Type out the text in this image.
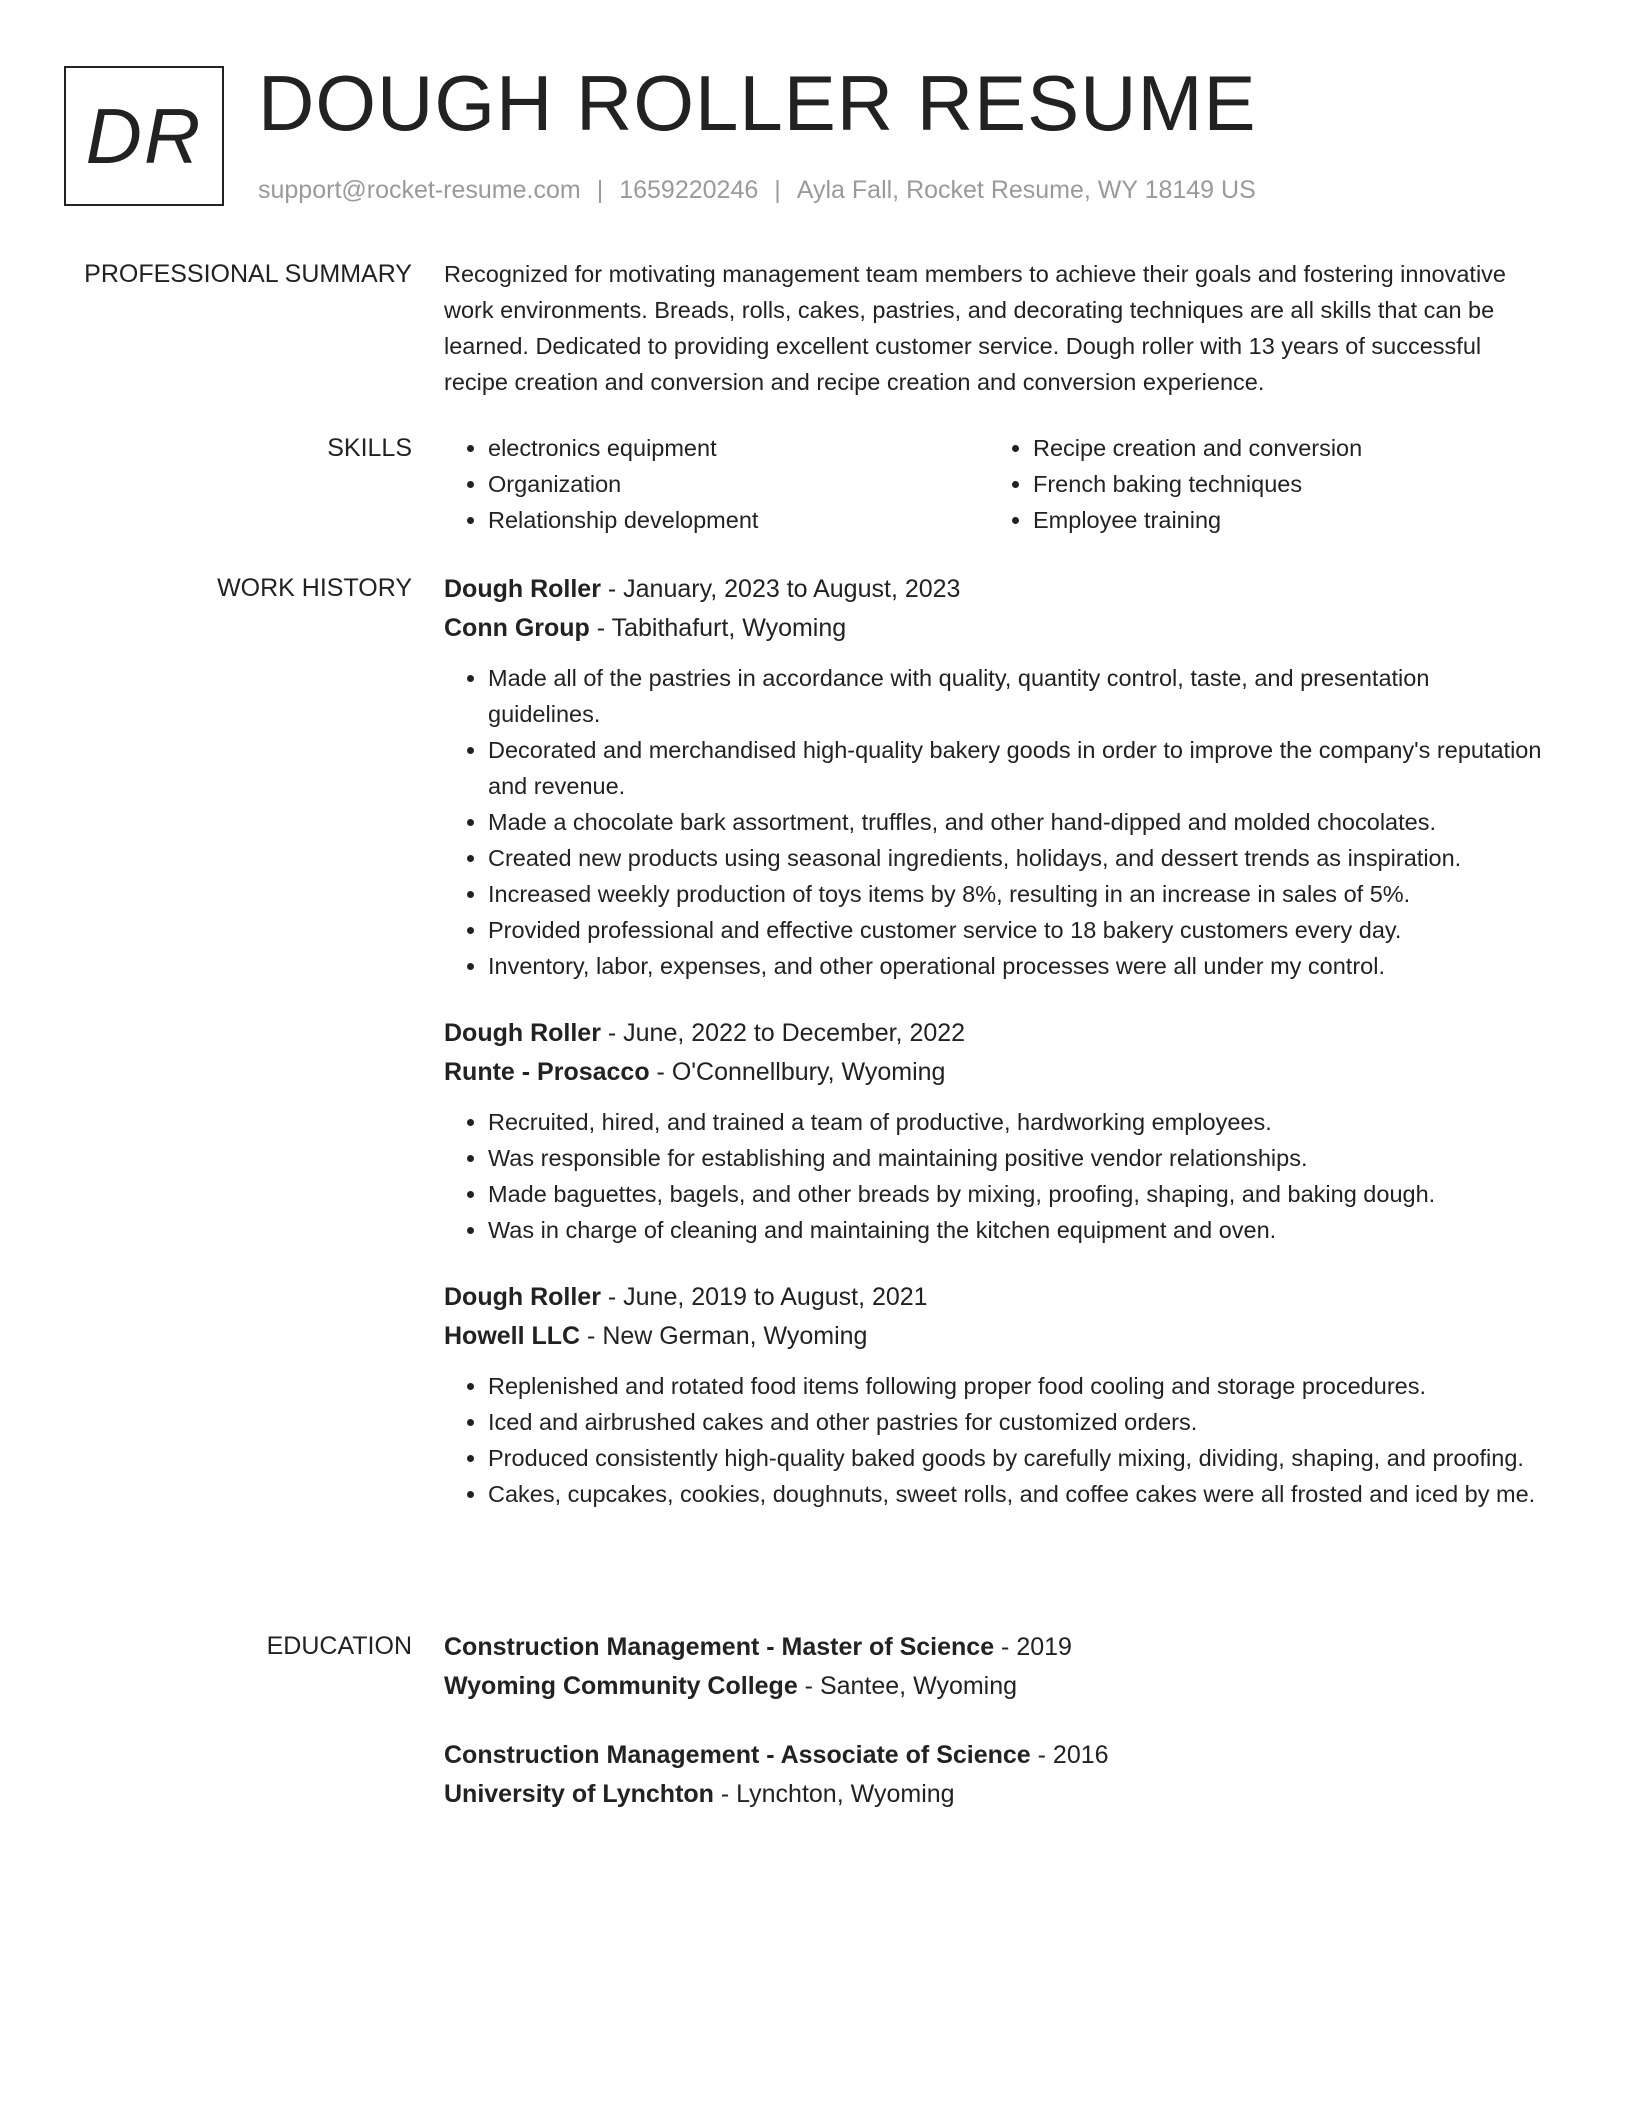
DR DOUGH ROLLER RESUME
support@rocket-resume.com | 1659220246 | Ayla Fall, Rocket Resume, WY 18149 US
PROFESSIONAL SUMMARY Recognized for motivating management team members to achieve their goals and fostering innovative work environments. Breads, rolls, cakes, pastries, and decorating techniques are all skills that can be learned. Dedicated to providing excellent customer service. Dough roller with 13 years of successful recipe creation and conversion and recipe creation and conversion experience.

SKILLS
•	electronics equipment
• Organization
• Relationship development
• Recipe creation and conversion
• French baking techniques
• Employee training
WORK HISTORY Dough Roller - January, 2023 to August, 2023
Conn Group - Tabithafurt, Wyoming
• Made all of the pastries in accordance with quality, quantity control, taste, and presentation guidelines.
• Decorated and merchandised high-quality bakery goods in order to improve the company's reputation and revenue.
• Made a chocolate bark assortment, truffles, and other hand-dipped and molded chocolates.
• Created new products using seasonal ingredients, holidays, and dessert trends as inspiration.
• Increased weekly production of toys items by 8%, resulting in an increase in sales of 5%.
• Provided professional and effective customer service to 18 bakery customers every day.
• Inventory, labor, expenses, and other operational processes were all under my control.
Dough Roller - June, 2022 to December, 2022
Runte - Prosacco - O'Connellbury, Wyoming
• Recruited, hired, and trained a team of productive, hardworking employees.
• Was responsible for establishing and maintaining positive vendor relationships.
• Made baguettes, bagels, and other breads by mixing, proofing, shaping, and baking dough.
• Was in charge of cleaning and maintaining the kitchen equipment and oven.
Dough Roller - June, 2019 to August, 2021
Howell LLC - New German, Wyoming
• Replenished and rotated food items following proper food cooling and storage procedures.
• Iced and airbrushed cakes and other pastries for customized orders.
• Produced consistently high-quality baked goods by carefully mixing, dividing, shaping, and proofing.
• Cakes, cupcakes, cookies, doughnuts, sweet rolls, and coffee cakes were all frosted and iced by me.
EDUCATION Construction Management - Master of Science - 2019
Wyoming Community College - Santee, Wyoming
Construction Management - Associate of Science - 2016
University of Lynchton - Lynchton, Wyoming
